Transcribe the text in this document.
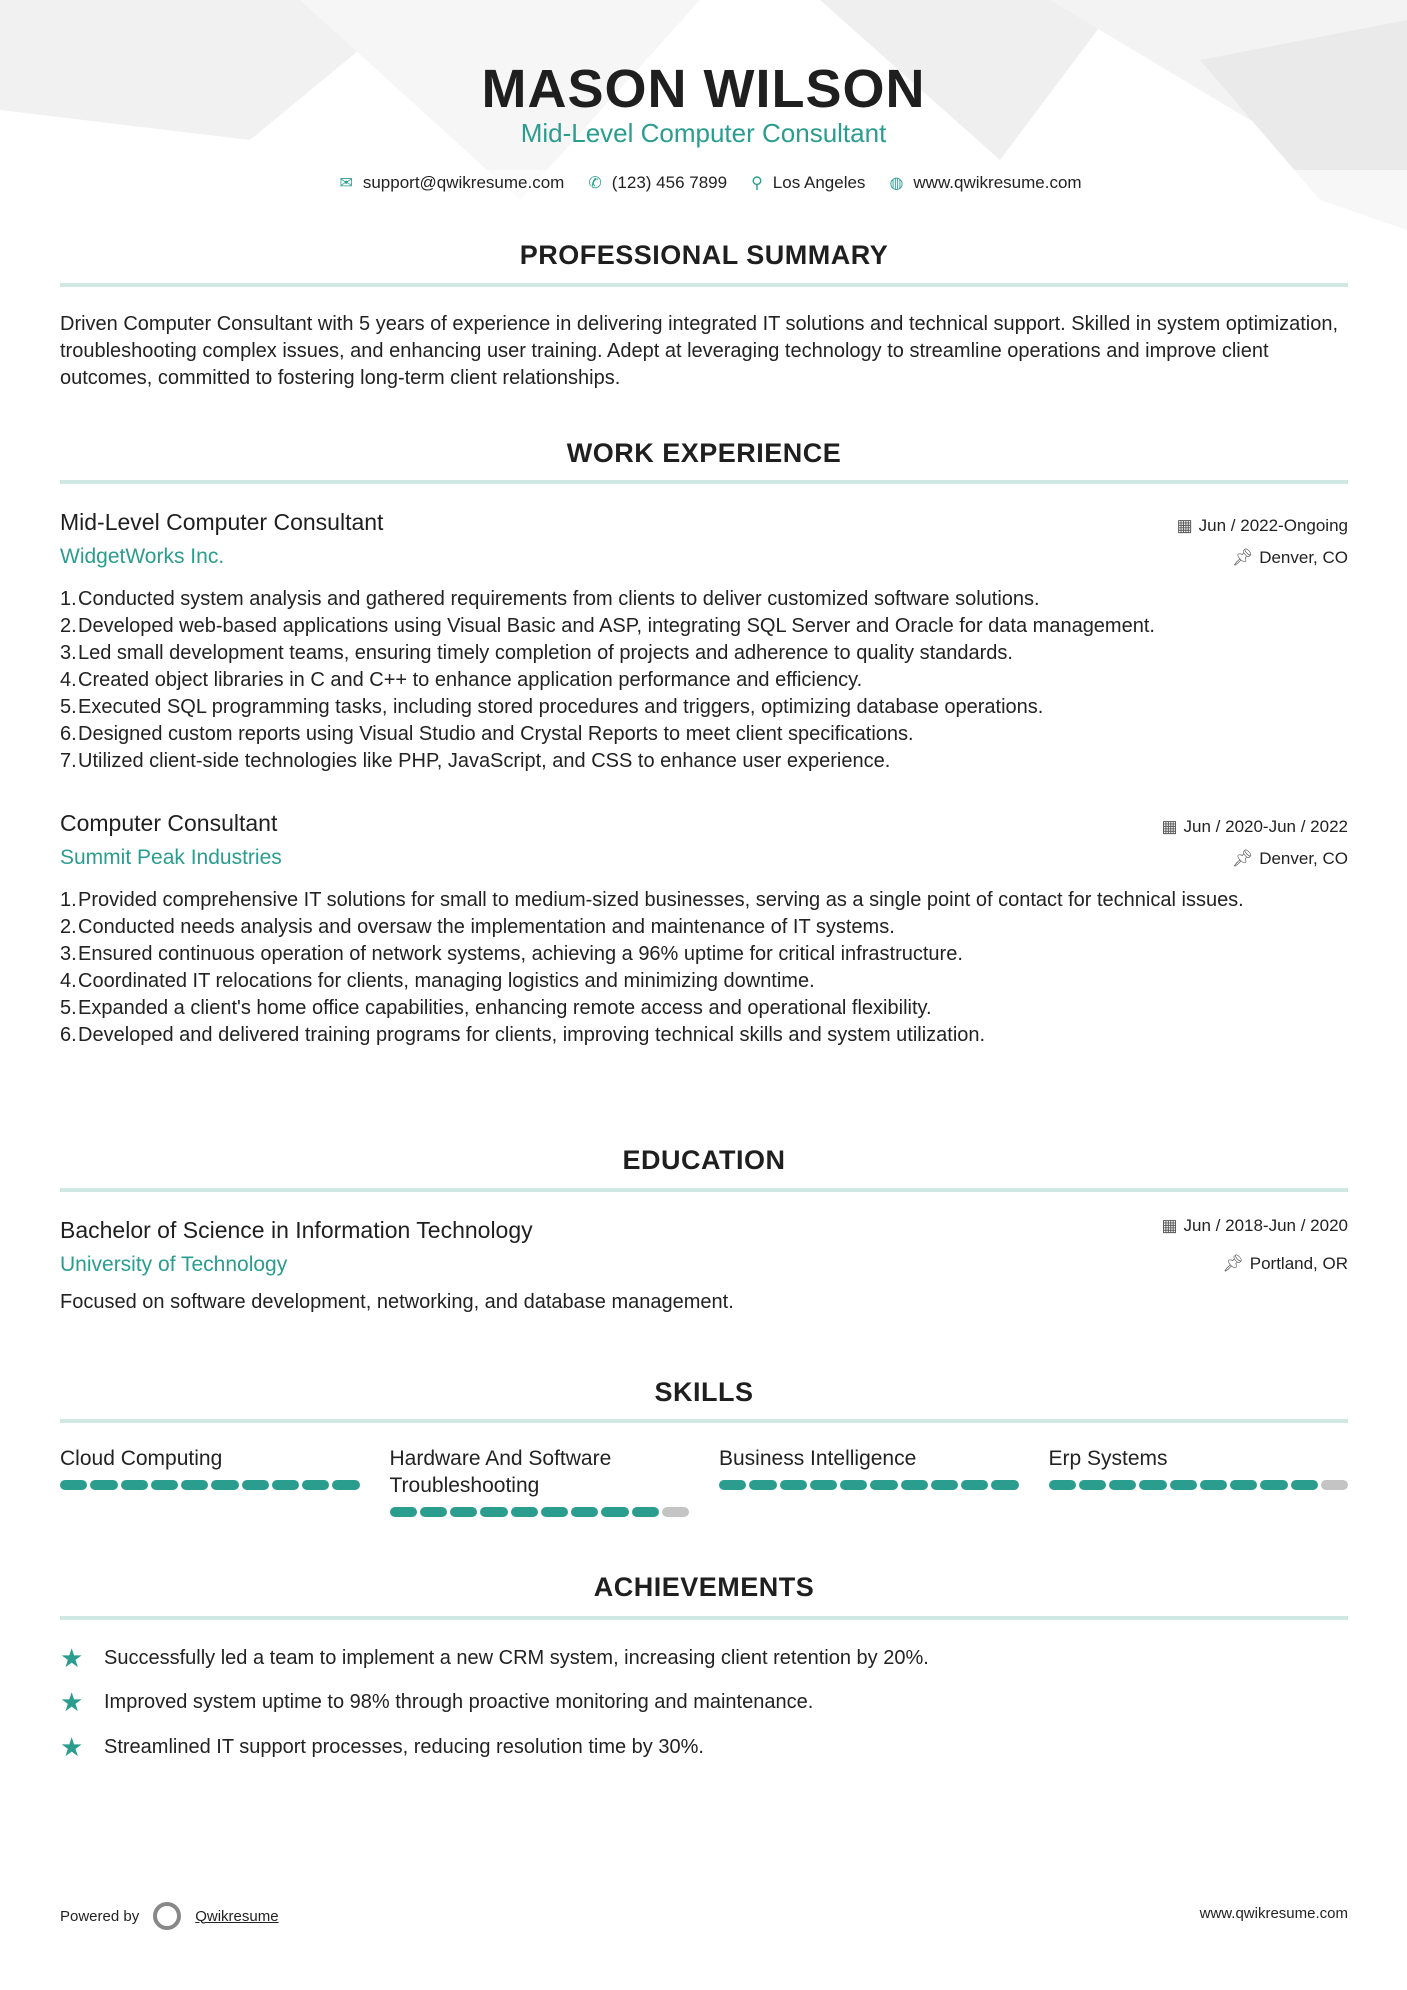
MASON WILSON
Mid-Level Computer Consultant
✉ support@qwikresume.com ✆ (123) 456 7899 ⚲ Los Angeles ◍ www.qwikresume.com
PROFESSIONAL SUMMARY
Driven Computer Consultant with 5 years of experience in delivering integrated IT solutions and technical support. Skilled in system optimization, troubleshooting complex issues, and enhancing user training. Adept at leveraging technology to streamline operations and improve client outcomes, committed to fostering long-term client relationships.
WORK EXPERIENCE
Mid-Level Computer Consultant	▦ Jun / 2022-Ongoing
WidgetWorks Inc.	📌︎ Denver, CO
Conducted system analysis and gathered requirements from clients to deliver customized software solutions.
Developed web-based applications using Visual Basic and ASP, integrating SQL Server and Oracle for data management.
Led small development teams, ensuring timely completion of projects and adherence to quality standards.
Created object libraries in C and C++ to enhance application performance and efficiency.
Executed SQL programming tasks, including stored procedures and triggers, optimizing database operations.
Designed custom reports using Visual Studio and Crystal Reports to meet client specifications.
Utilized client-side technologies like PHP, JavaScript, and CSS to enhance user experience.
Computer Consultant	▦ Jun / 2020-Jun / 2022
Summit Peak Industries	📌︎ Denver, CO
Provided comprehensive IT solutions for small to medium-sized businesses, serving as a single point of contact for technical issues.
Conducted needs analysis and oversaw the implementation and maintenance of IT systems.
Ensured continuous operation of network systems, achieving a 96% uptime for critical infrastructure.
Coordinated IT relocations for clients, managing logistics and minimizing downtime.
Expanded a client's home office capabilities, enhancing remote access and operational flexibility.
Developed and delivered training programs for clients, improving technical skills and system utilization.
EDUCATION
Bachelor of Science in Information Technology	▦ Jun / 2018-Jun / 2020
University of Technology	📌︎ Portland, OR
Focused on software development, networking, and database management.
SKILLS
Cloud Computing	Hardware And Software Troubleshooting
Business Intelligence	Erp Systems
ACHIEVEMENTS
★	Successfully led a team to implement a new CRM system, increasing client retention by 20%.
★	Improved system uptime to 98% through proactive monitoring and maintenance.
★	Streamlined IT support processes, reducing resolution time by 30%.
Powered by	Qwikresume	www.qwikresume.com
